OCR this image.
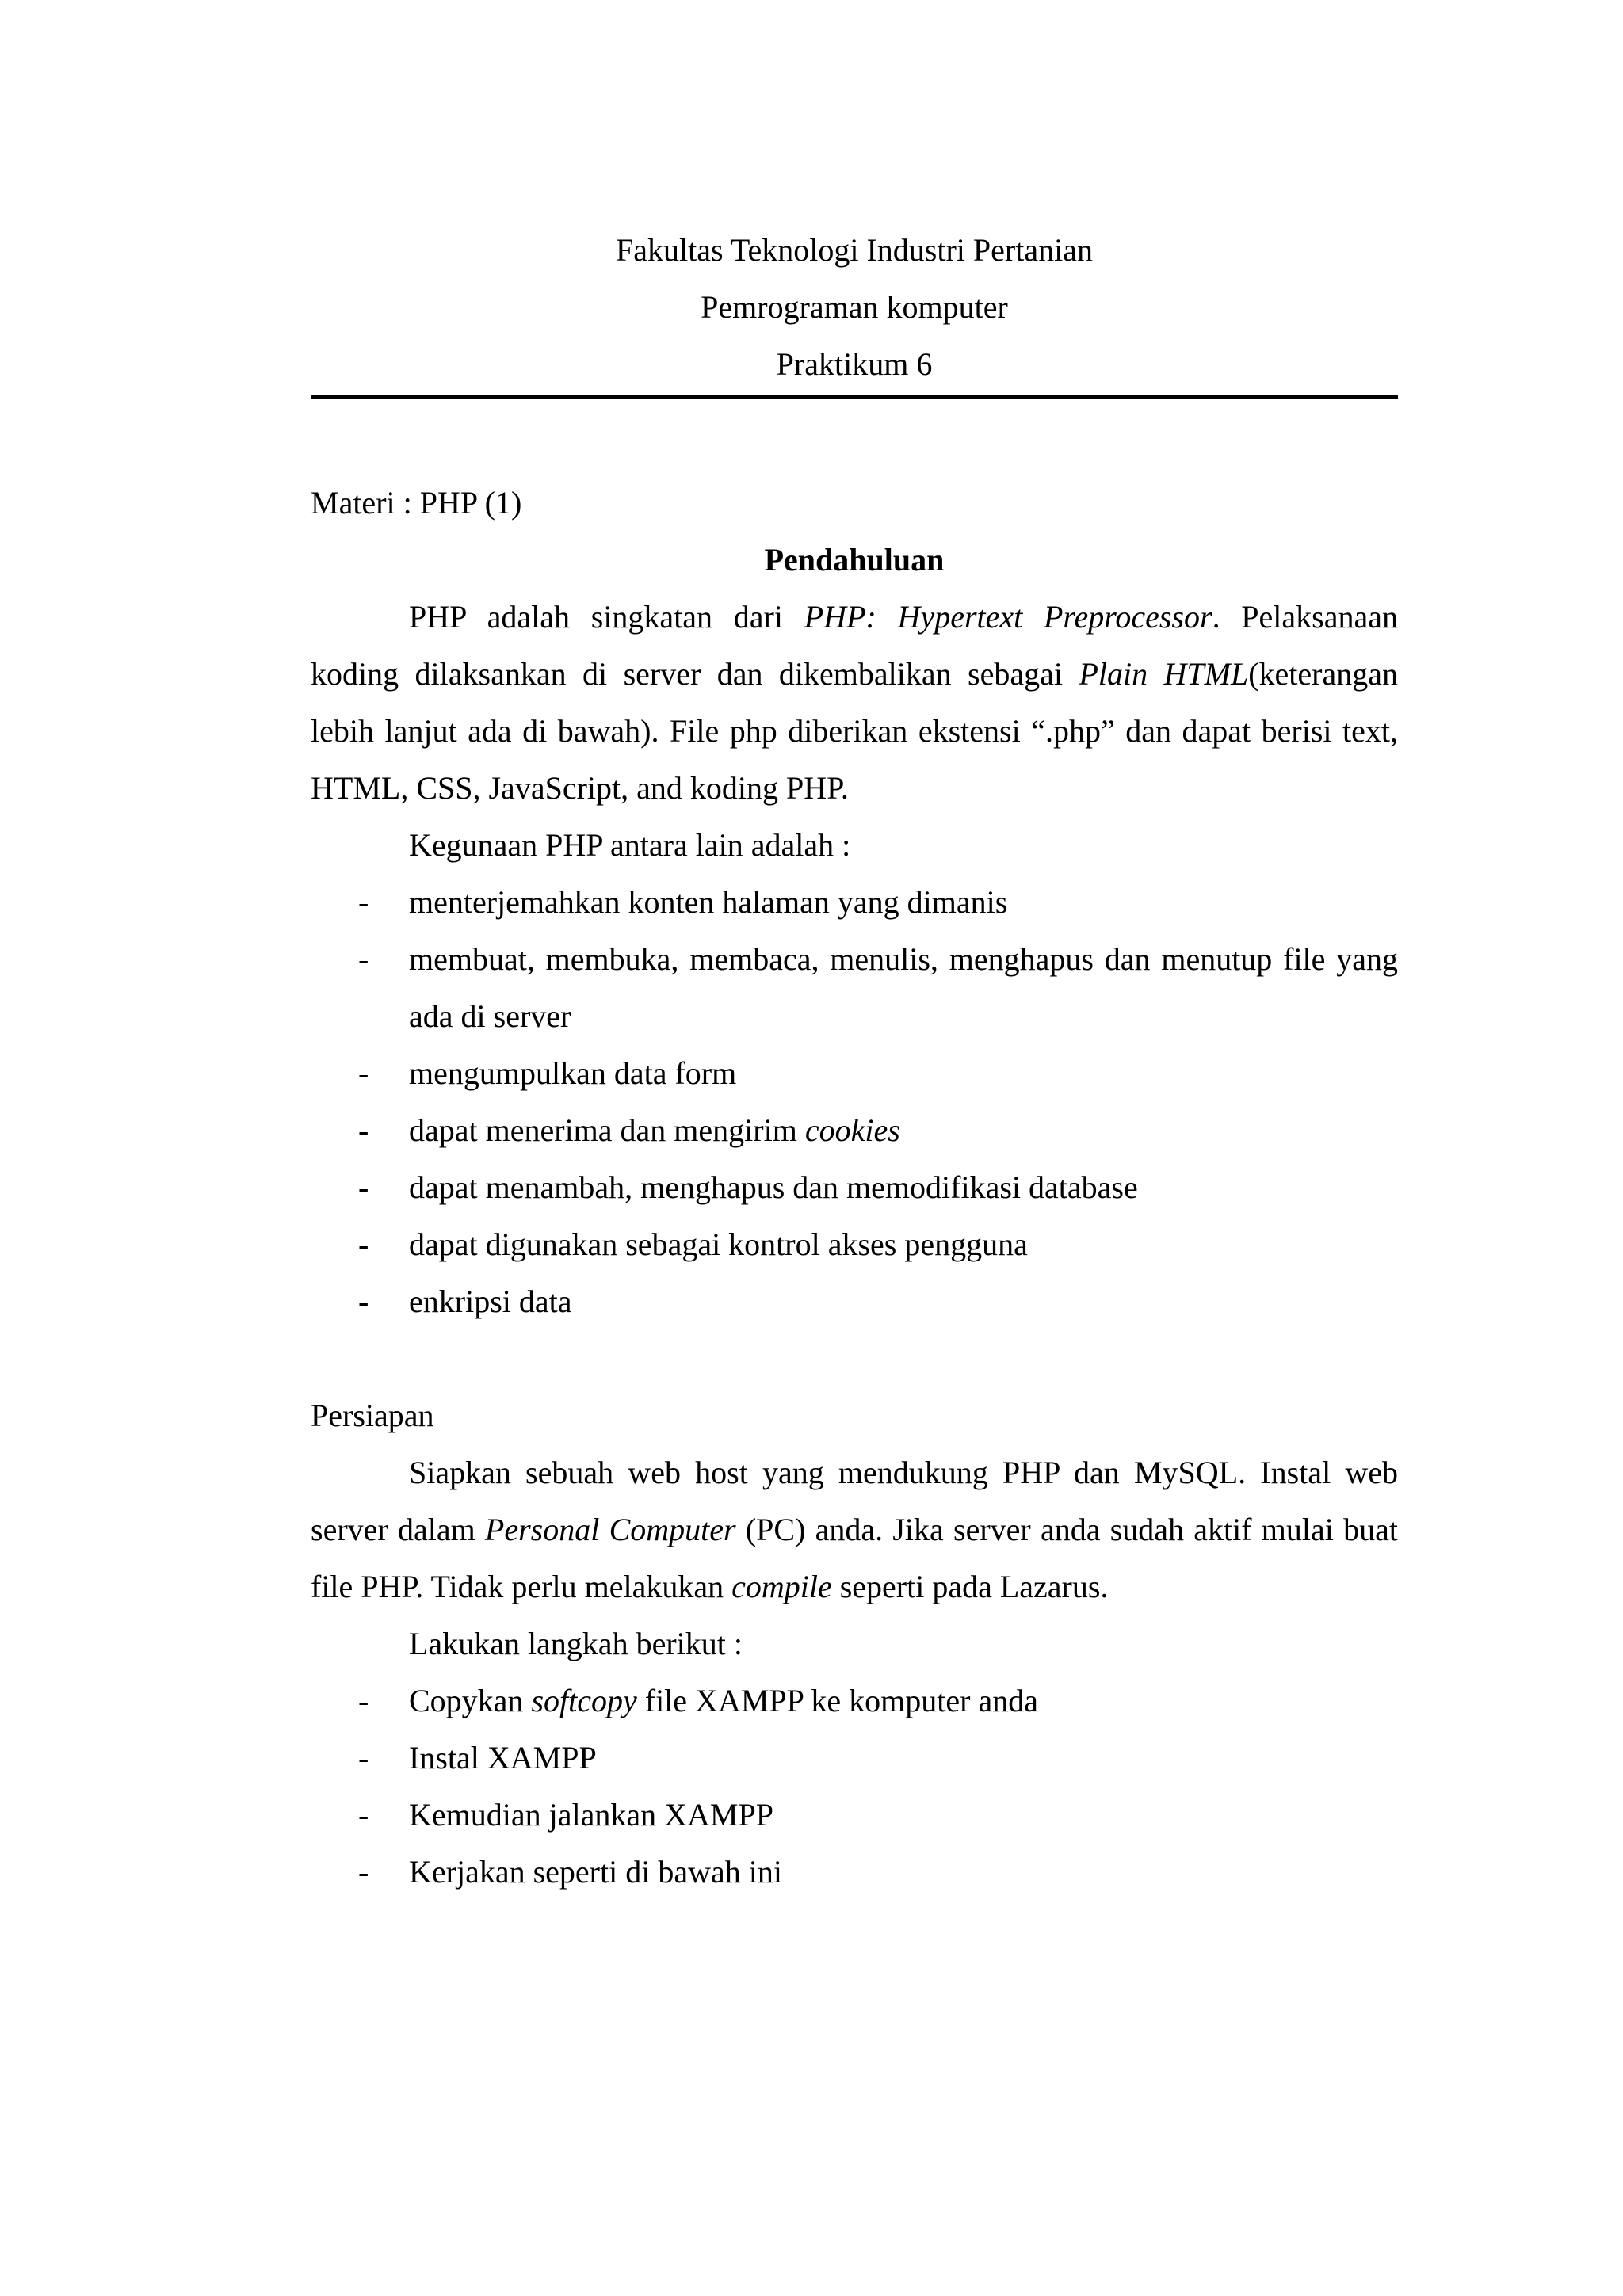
Fakultas Teknologi Industri Pertanian
Pemrograman komputer
Praktikum 6
Materi : PHP (1)
Pendahuluan

PHP adalah singkatan dari PHP: Hypertext Preprocessor. Pelaksanaan koding dilaksankan di server dan dikembalikan sebagai Plain HTML(keterangan lebih lanjut ada di bawah). File php diberikan ekstensi “.php” dan dapat berisi text, HTML, CSS, JavaScript, and koding PHP.

Kegunaan PHP antara lain adalah :

- menterjemahkan konten halaman yang dimanis
- membuat, membuka, membaca, menulis, menghapus dan menutup file yang ada di server
- mengumpulkan data form
- dapat menerima dan mengirim cookies
- dapat menambah, menghapus dan memodifikasi database
- dapat digunakan sebagai kontrol akses pengguna
- enkripsi data
Persiapan

Siapkan sebuah web host yang mendukung PHP dan MySQL. Instal web server dalam Personal Computer (PC) anda. Jika server anda sudah aktif mulai buat file PHP. Tidak perlu melakukan compile seperti pada Lazarus.

Lakukan langkah berikut :

- Copykan softcopy file XAMPP ke komputer anda
- Instal XAMPP
- Kemudian jalankan XAMPP
- Kerjakan seperti di bawah ini
